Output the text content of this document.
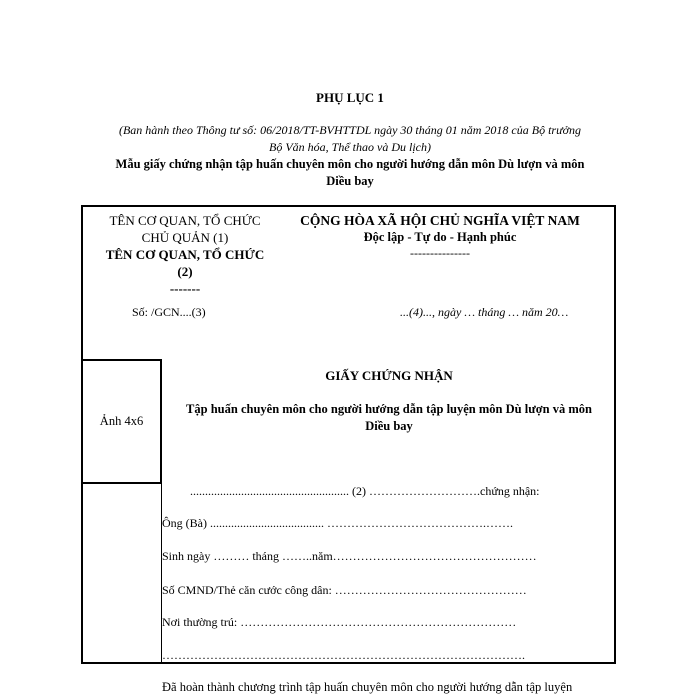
PHỤ LỤC 1
(Ban hành theo Thông tư số: 06/2018/TT-BVHTTDL ngày 30 tháng 01 năm 2018 của Bộ trưởng
Bộ Văn hóa, Thể thao và Du lịch)
Mẫu giấy chứng nhận tập huấn chuyên môn cho người hướng dẫn môn Dù lượn và môn
Diều bay
TÊN CƠ QUAN, TỔ CHỨC
CHỦ QUẢN (1)
TÊN CƠ QUAN, TỔ CHỨC
(2)
-------
CỘNG HÒA XÃ HỘI CHỦ NGHĨA VIỆT NAM
Độc lập - Tự do - Hạnh phúc
---------------
Số: /GCN....(3)	...(4)..., ngày … tháng … năm 20…
Ảnh 4x6
GIẤY CHỨNG NHẬN
Tập huấn chuyên môn cho người hướng dẫn tập luyện môn Dù lượn và môn
Diều bay
..................................................... (2) ……………………….chứng nhận:
Ông (Bà) ...................................... ………………………………….…….
Sinh ngày ……… tháng ……..năm……………………………………………
Số CMND/Thẻ căn cước công dân: …………………………………………
Nơi thường trú: ……………………………………………………………
……………………………………………………………………………….
Đã hoàn thành chương trình tập huấn chuyên môn cho người hướng dẫn tập luyện
